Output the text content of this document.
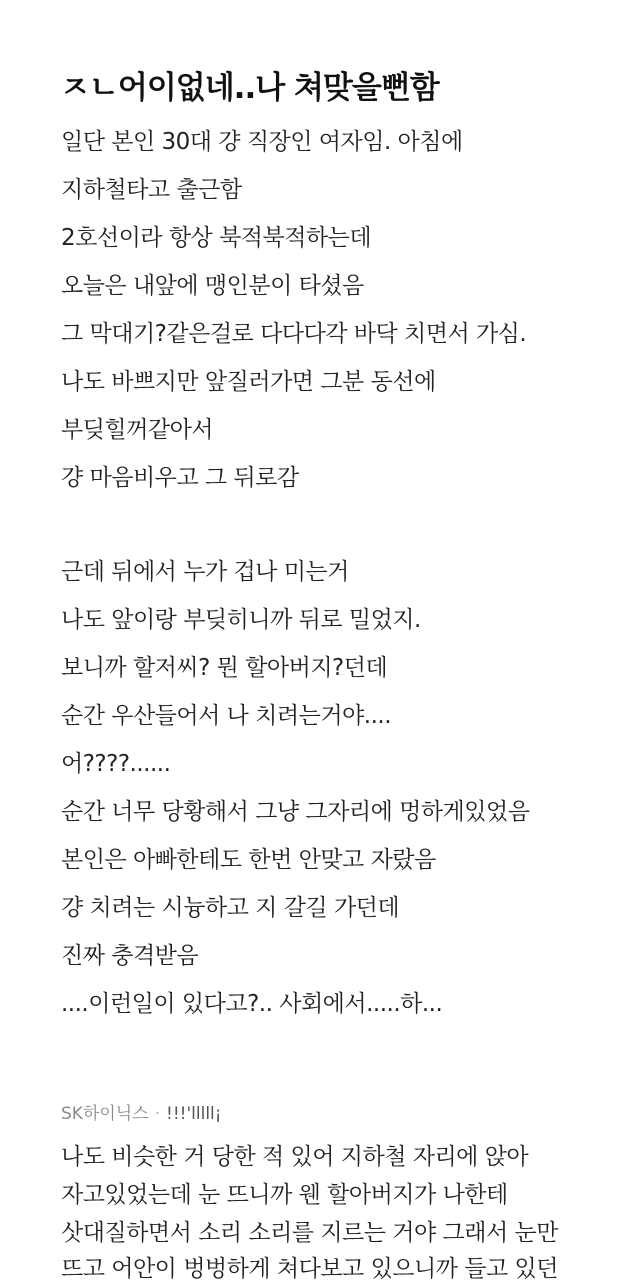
ㅈㄴ어이없네..나 쳐맞을뻔함
일단 본인 30대 걍 직장인 여자임. 아침에
지하철타고 출근함
2호선이라 항상 북적북적하는데
오늘은 내앞에 맹인분이 타셨음
그 막대기?같은걸로 다다다각 바닥 치면서 가심.
나도 바쁘지만 앞질러가면 그분 동선에
부딪힐꺼같아서
걍 마음비우고 그 뒤로감
근데 뒤에서 누가 겁나 미는거
나도 앞이랑 부딪히니까 뒤로 밀었지.
보니까 할저씨? 뭔 할아버지?던데
순간 우산들어서 나 치려는거야....
어????......
순간 너무 당황해서 그냥 그자리에 멍하게있었음
본인은 아빠한테도 한번 안맞고 자랐음
걍 치려는 시늉하고 지 갈길 가던데
진짜 충격받음
....이런일이 있다고?.. 사회에서.....하...
SK하이닉스 · !!!'lllll¡
나도 비슷한 거 당한 적 있어 지하철 자리에 앉아
자고있었는데 눈 뜨니까 웬 할아버지가 나한테
삿대질하면서 소리 소리를 지르는 거야 그래서 눈만
뜨고 어안이 벙벙하게 쳐다보고 있으니까 들고 있던
